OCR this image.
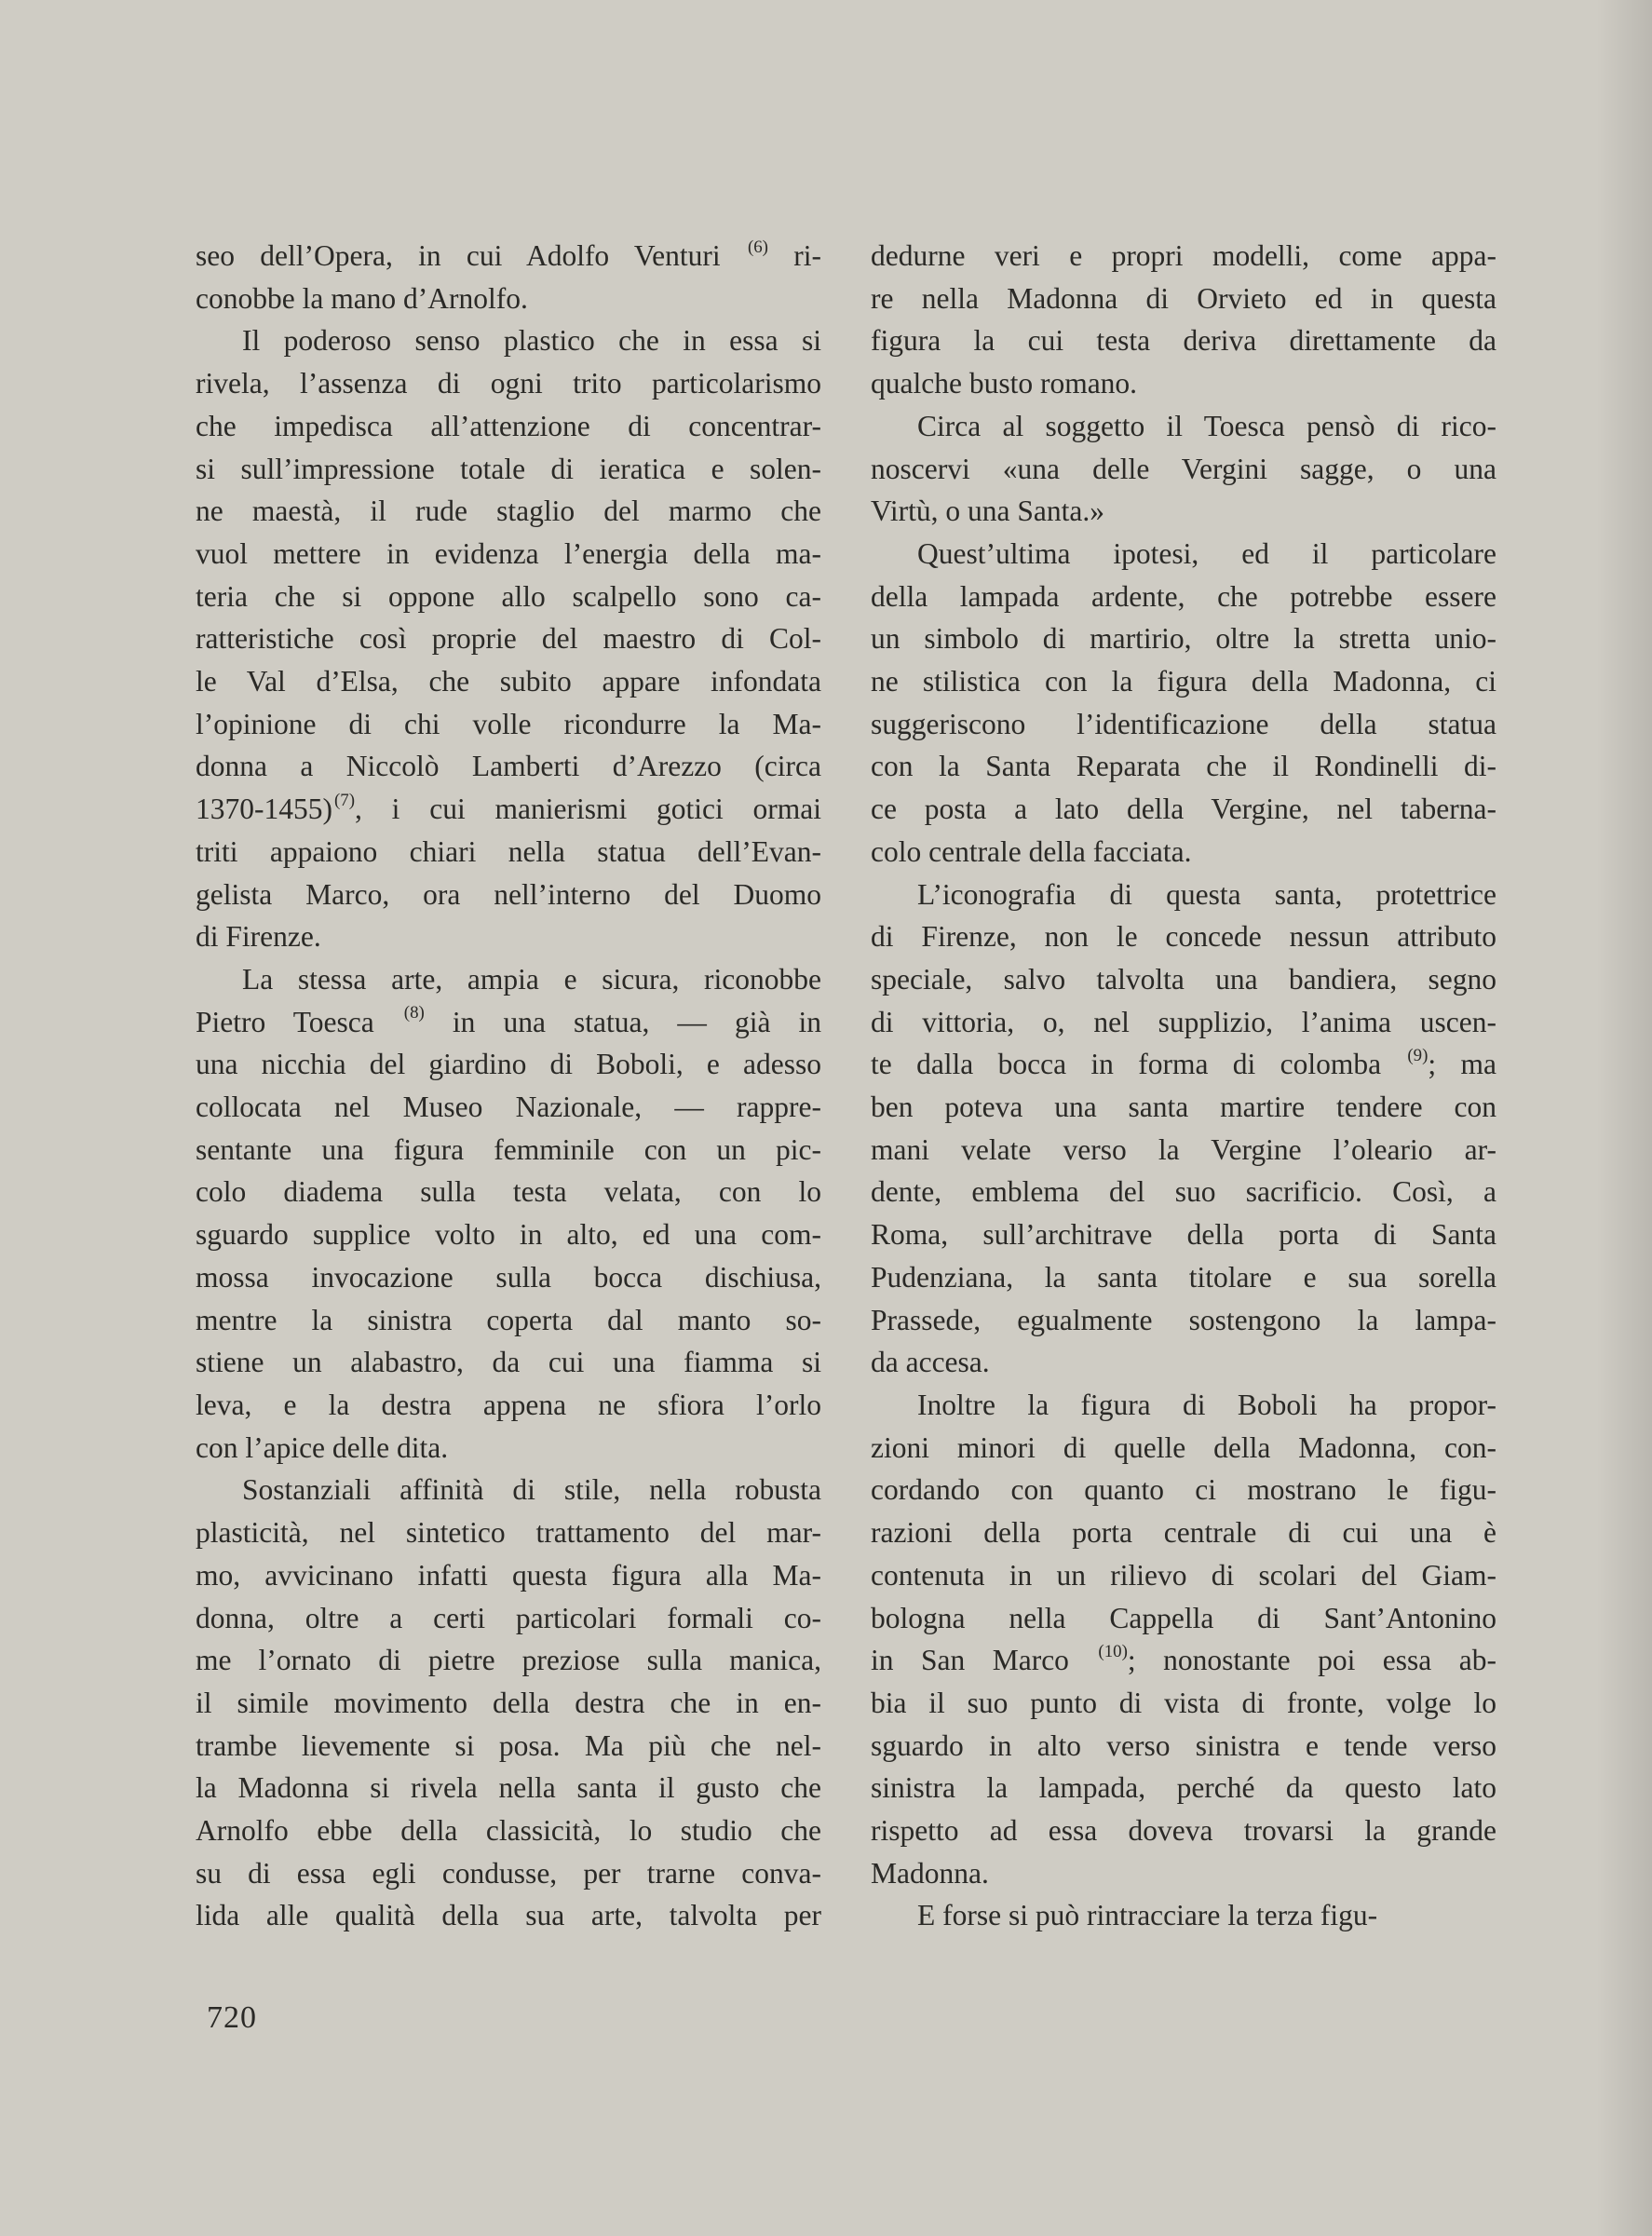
seo dell’Opera, in cui Adolfo Venturi $^{(6)}$ ri-
conobbe la mano d’Arnolfo.
Il poderoso senso plastico che in essa si
rivela, l’assenza di ogni trito particolarismo
che impedisca all’attenzione di concentrar-
si sull’impressione totale di ieratica e solen-
ne maestà, il rude staglio del marmo che
vuol mettere in evidenza l’energia della ma-
teria che si oppone allo scalpello sono ca-
ratteristiche così proprie del maestro di Col-
le Val d’Elsa, che subito appare infondata
l’opinione di chi volle ricondurre la Ma-
donna a Niccolò Lamberti d’Arezzo (circa
1370-1455) $^{(7)}$, i cui manierismi gotici ormai
triti appaiono chiari nella statua dell’Evan-
gelista Marco, ora nell’interno del Duomo
di Firenze.
La stessa arte, ampia e sicura, riconobbe
Pietro Toesca $^{(8)}$ in una statua, — già in
una nicchia del giardino di Boboli, e adesso
collocata nel Museo Nazionale, — rappre-
sentante una figura femminile con un pic-
colo diadema sulla testa velata, con lo
sguardo supplice volto in alto, ed una com-
mossa invocazione sulla bocca dischiusa,
mentre la sinistra coperta dal manto so-
stiene un alabastro, da cui una fiamma si
leva, e la destra appena ne sfiora l’orlo
con l’apice delle dita.
Sostanziali affinità di stile, nella robusta
plasticità, nel sintetico trattamento del mar-
mo, avvicinano infatti questa figura alla Ma-
donna, oltre a certi particolari formali co-
me l’ornato di pietre preziose sulla manica,
il simile movimento della destra che in en-
trambe lievemente si posa. Ma più che nel-
la Madonna si rivela nella santa il gusto che
Arnolfo ebbe della classicità, lo studio che
su di essa egli condusse, per trarne conva-
lida alle qualità della sua arte, talvolta per
dedurne veri e propri modelli, come appa-
re nella Madonna di Orvieto ed in questa
figura la cui testa deriva direttamente da
qualche busto romano.
Circa al soggetto il Toesca pensò di rico-
noscervi «una delle Vergini sagge, o una
Virtù, o una Santa.»
Quest’ultima ipotesi, ed il particolare
della lampada ardente, che potrebbe essere
un simbolo di martirio, oltre la stretta unio-
ne stilistica con la figura della Madonna, ci
suggeriscono l’identificazione della statua
con la Santa Reparata che il Rondinelli di-
ce posta a lato della Vergine, nel taberna-
colo centrale della facciata.
L’iconografia di questa santa, protettrice
di Firenze, non le concede nessun attributo
speciale, salvo talvolta una bandiera, segno
di vittoria, o, nel supplizio, l’anima uscen-
te dalla bocca in forma di colomba $^{(9)}$; ma
ben poteva una santa martire tendere con
mani velate verso la Vergine l’oleario ar-
dente, emblema del suo sacrificio. Così, a
Roma, sull’architrave della porta di Santa
Pudenziana, la santa titolare e sua sorella
Prassede, egualmente sostengono la lampa-
da accesa.
Inoltre la figura di Boboli ha propor-
zioni minori di quelle della Madonna, con-
cordando con quanto ci mostrano le figu-
razioni della porta centrale di cui una è
contenuta in un rilievo di scolari del Giam-
bologna nella Cappella di Sant’Antonino
in San Marco $^{(10)}$; nonostante poi essa ab-
bia il suo punto di vista di fronte, volge lo
sguardo in alto verso sinistra e tende verso
sinistra la lampada, perché da questo lato
rispetto ad essa doveva trovarsi la grande
Madonna.
E forse si può rintracciare la terza figu-
720
